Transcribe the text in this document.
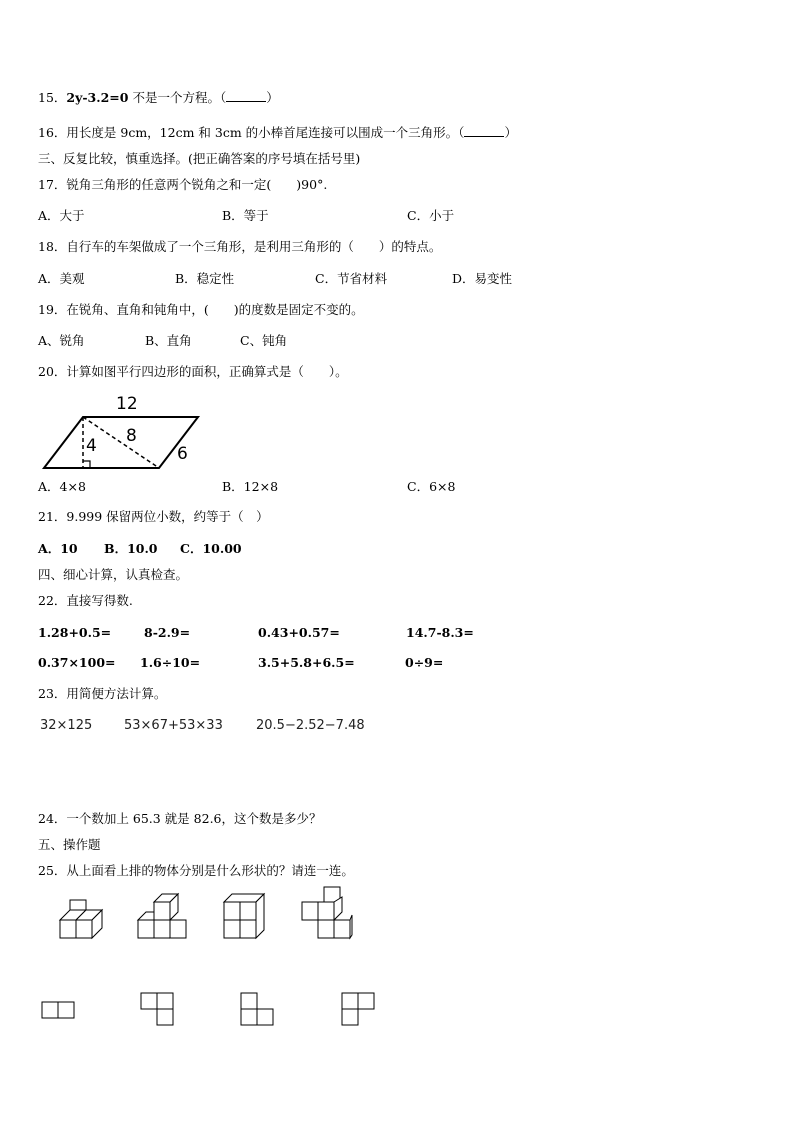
15．2y-3.2=0 不是一个方程。（	）
16．用长度是 9cm，12cm 和 3cm 的小棒首尾连接可以围成一个三角形。（	）
三、反复比较，慎重选择。(把正确答案的序号填在括号里)
17．锐角三角形的任意两个锐角之和一定(　　)90°.
A．大于	B．等于	C．小于
18．自行车的车架做成了一个三角形，是利用三角形的（　　）的特点。
A．美观	B．稳定性	C．节省材料	D．易变性
19．在锐角、直角和钝角中，(　　)的度数是固定不变的。
A、锐角	B、直角	C、钝角
20．计算如图平行四边形的面积，正确算式是（　　）。
12
4 8
6
A．4×8	B．12×8	C．6×8
21．9.999 保留两位小数，约等于（　）
A．10 B．10.0 C．10.00
四、细心计算，认真检查。
22．直接写得数.
1.28+0.5=	8-2.9=	0.43+0.57=	14.7-8.3=
0.37×100= 1.6÷10=	3.5+5.8+6.5=	0÷9=
23．用简便方法计算。
32×125 53×67+53×33	20.5−2.52−7.48
24．一个数加上 65.3 就是 82.6，这个数是多少？
五、操作题
25．从上面看上排的物体分别是什么形状的？请连一连。
